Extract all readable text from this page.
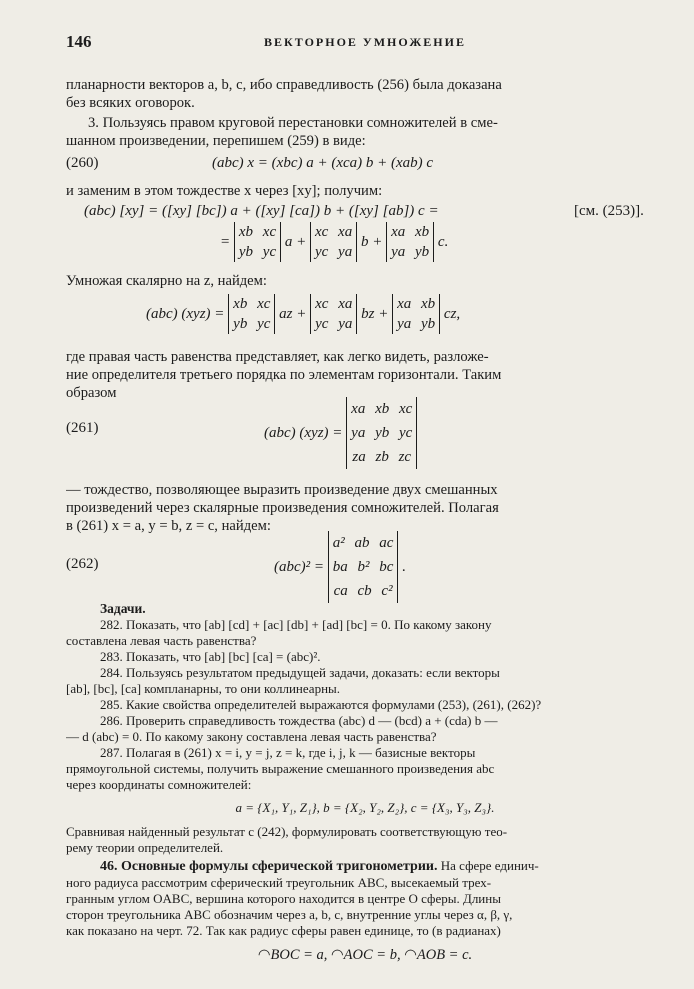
146	ВЕКТОРНОЕ УМНОЖЕНИЕ
планарности векторов a, b, c, ибо справедливость (256) была доказана
без всяких оговорок.
3. Пользуясь правом круговой перестановки сомножителей в сме-
шанном произведении, перепишем (259) в виде:
(260)	(abc) x = (xbc) a + (xca) b + (xab) c
и заменим в этом тождестве x через [xy]; получим:
(abc) [xy] = ([xy] [bc]) a + ([xy] [ca]) b + ([xy] [ab]) c =	[см. (253)].
=
xb xc
yb yc
a +
xc xa
yc ya
b +
xa xb
ya yb
c.
Умножая скалярно на z, найдем:
(abc) (xyz) =
xb xc
yb yc
az +
xc xa
yc ya
bz +
xa xb
ya yb
cz,
где правая часть равенства представляет, как легко видеть, разложе-
ние определителя третьего порядка по элементам горизонтали. Таким
образом
(261)	(abc) (xyz) =
xa xb xc
ya yb yc
za zb zc
— тождество, позволяющее выразить произведение двух смешанных
произведений через скалярные произведения сомножителей. Полагая
в (261) x = a, y = b, z = c, найдем:
(262)	(abc)² =
a² ab ac
ba b² bc
ca cb c²
.
Задачи.
282. Показать, что [ab] [cd] + [ac] [db] + [ad] [bc] = 0. По какому закону
составлена левая часть равенства?
283. Показать, что [ab] [bc] [ca] = (abc)².
284. Пользуясь результатом предыдущей задачи, доказать: если векторы
[ab], [bc], [ca] компланарны, то они коллинеарны.
285. Какие свойства определителей выражаются формулами (253), (261), (262)?
286. Проверить справедливость тождества (abc) d — (bcd) a + (cda) b —
— d (abc) = 0. По какому закону составлена левая часть равенства?
287. Полагая в (261) x = i, y = j, z = k, где i, j, k — базисные векторы
прямоугольной системы, получить выражение смешанного произведения abc
через координаты сомножителей:
a = {X₁, Y₁, Z₁}, b = {X₂, Y₂, Z₂}, c = {X₃, Y₃, Z₃}.
Сравнивая найденный результат с (242), формулировать соответствующую тео-
рему теории определителей.
46. Основные формулы сферической тригонометрии. На сфере единич-
ного радиуса рассмотрим сферический треугольник ABC, высекаемый трех-
гранным углом OABC, вершина которого находится в центре O сферы. Длины
сторон треугольника ABC обозначим через a, b, c, внутренние углы через α, β, γ,
как показано на черт. 72. Так как радиус сферы равен единице, то (в радианах)
◠BOC = a, ◠AOC = b, ◠AOB = c.
